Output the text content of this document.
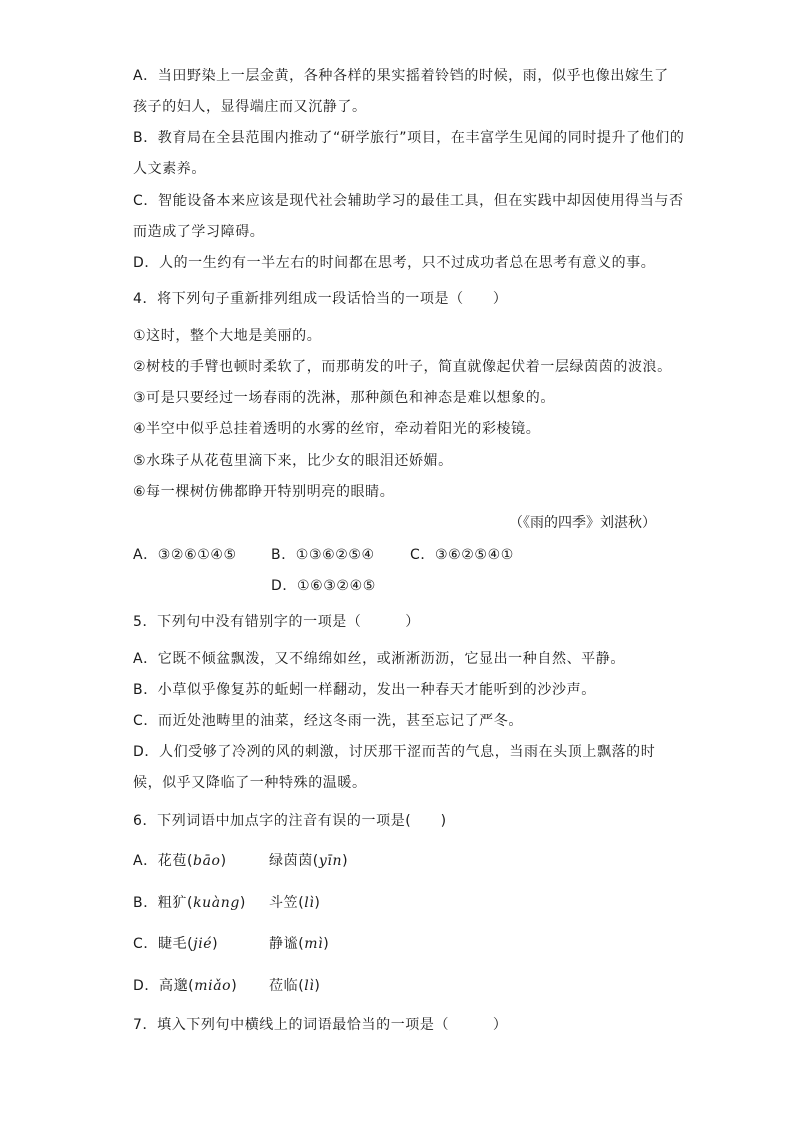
A．当田野染上一层金黄，各种各样的果实摇着铃铛的时候，雨，似乎也像出嫁生了
孩子的妇人，显得端庄而又沉静了。
B．教育局在全县范围内推动了“研学旅行”项目，在丰富学生见闻的同时提升了他们的
人文素养。
C．智能设备本来应该是现代社会辅助学习的最佳工具，但在实践中却因使用得当与否
而造成了学习障碍。
D．人的一生约有一半左右的时间都在思考，只不过成功者总在思考有意义的事。
4．将下列句子重新排列组成一段话恰当的一项是（　　）
①这时，整个大地是美丽的。
②树枝的手臂也顿时柔软了，而那萌发的叶子，简直就像起伏着一层绿茵茵的波浪。
③可是只要经过一场春雨的洗淋，那种颜色和神态是难以想象的。
④半空中似乎总挂着透明的水雾的丝帘，牵动着阳光的彩棱镜。
⑤水珠子从花苞里滴下来，比少女的眼泪还娇媚。
⑥每一棵树仿佛都睁开特别明亮的眼睛。
（《雨的四季》刘湛秋）
A．③②⑥①④⑤ B．①③⑥②⑤④	C．③⑥②⑤④①
D．①⑥③②④⑤
5．下列句中没有错别字的一项是（　　　）
A．它既不倾盆飘泼，又不绵绵如丝，或淅淅沥沥，它显出一种自然、平静。
B．小草似乎像复苏的蚯蚓一样翻动，发出一种春天才能听到的沙沙声。
C．而近处池畴里的油菜，经这冬雨一洗，甚至忘记了严冬。
D．人们受够了冷冽的风的刺激，讨厌那干涩而苦的气息，当雨在头顶上飘落的时
候，似乎又降临了一种特殊的温暖。
6．下列词语中加点字的注音有误的一项是(　　)
A．花苞(bāo)	绿茵茵(yīn)
B．粗犷(kuàng) 斗笠(lì)
C．睫毛(jié)	静谧(mì)
D．高邈(miǎo) 莅临(lì)
7．填入下列句中横线上的词语最恰当的一项是（　　　）
